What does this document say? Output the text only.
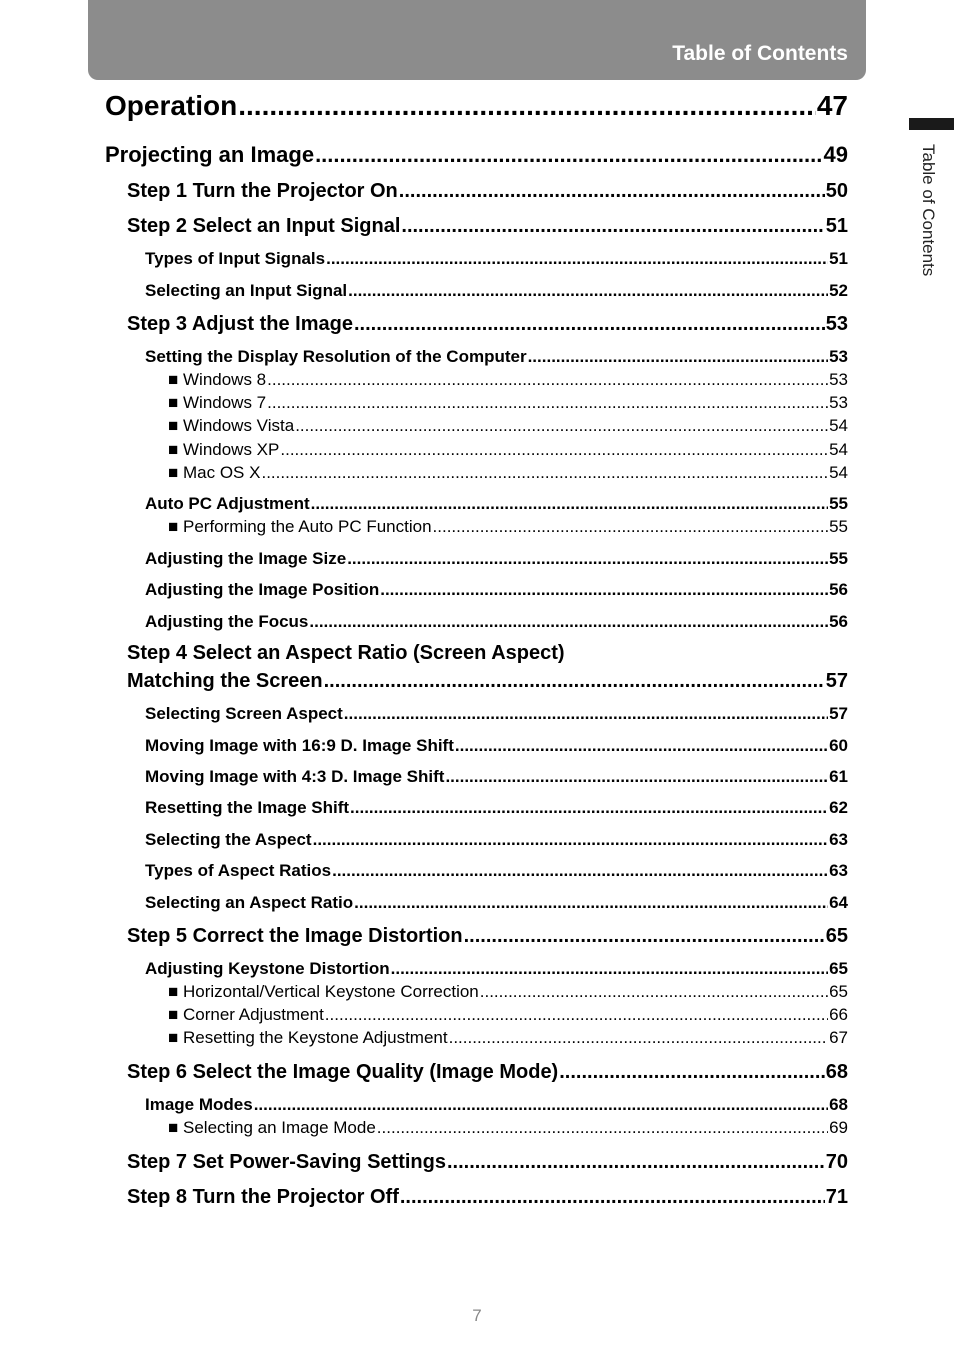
Table of Contents
Table of Contents
Operation .....	47
Projecting an Image .....	49
Step 1 Turn the Projector On .....	50
Step 2 Select an Input Signal .....	51
Types of Input Signals .....	51
Selecting an Input Signal .....	52
Step 3 Adjust the Image .....	53
Setting the Display Resolution of the Computer .....	53
■ Windows 8 .....	53
■ Windows 7 .....	53
■ Windows Vista .....	54
■ Windows XP .....	54
■ Mac OS X .....	54
Auto PC Adjustment .....	55
■ Performing the Auto PC Function .....	55
Adjusting the Image Size .....	55
Adjusting the Image Position .....	56
Adjusting the Focus .....	56
Step 4 Select an Aspect Ratio (Screen Aspect)
Matching the Screen .....	57
Selecting Screen Aspect .....	57
Moving Image with 16:9 D. Image Shift .....	60
Moving Image with 4:3 D. Image Shift .....	61
Resetting the Image Shift .....	62
Selecting the Aspect .....	63
Types of Aspect Ratios .....	63
Selecting an Aspect Ratio .....	64
Step 5 Correct the Image Distortion .....	65
Adjusting Keystone Distortion .....	65
■ Horizontal/Vertical Keystone Correction .....	65
■ Corner Adjustment .....	66
■ Resetting the Keystone Adjustment .....	67
Step 6 Select the Image Quality (Image Mode) .....	68
Image Modes .....	68
■ Selecting an Image Mode .....	69
Step 7 Set Power-Saving Settings .....	70
Step 8 Turn the Projector Off .....	71
7
